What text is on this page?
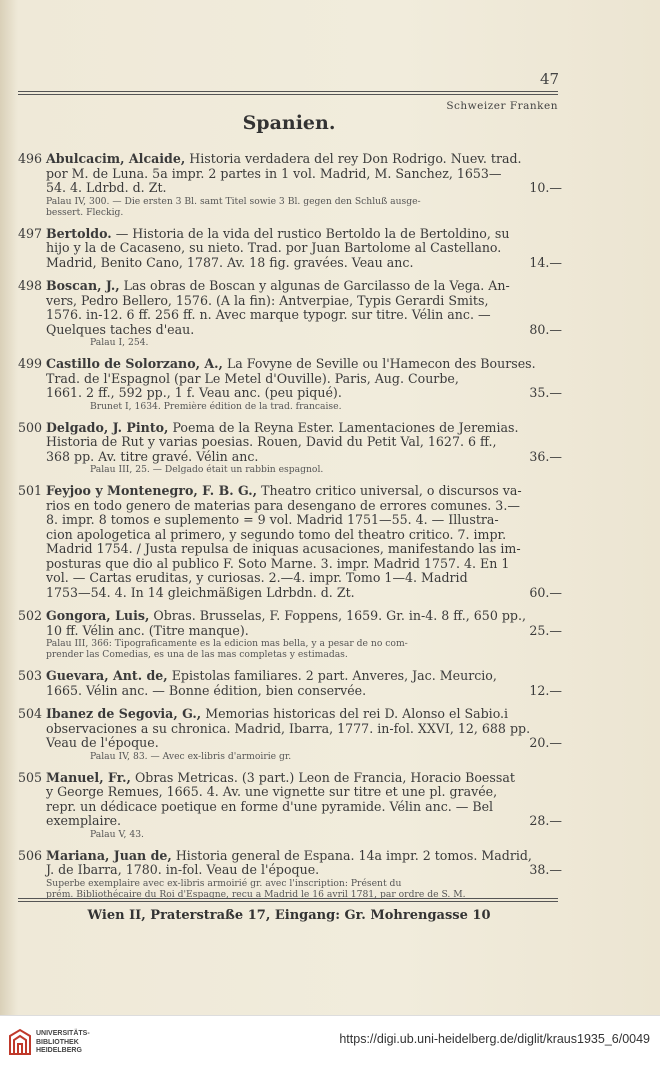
47
Schweizer Franken
Spanien.
496 Abulcacim, Alcaide, Historia verdadera del rey Don Rodrigo. Nuev. trad.
por M. de Luna. 5a impr. 2 partes in 1 vol. Madrid, M. Sanchez, 1653—
54. 4. Ldrbd. d. Zt.	10.—
Palau IV, 300. — Die ersten 3 Bl. samt Titel sowie 3 Bl. gegen den Schluß ausge-
bessert. Fleckig.
497 Bertoldo. — Historia de la vida del rustico Bertoldo la de Bertoldino, su
hijo y la de Cacaseno, su nieto. Trad. por Juan Bartolome al Castellano.
Madrid, Benito Cano, 1787. Av. 18 fig. gravées. Veau anc.	14.—
498 Boscan, J., Las obras de Boscan y algunas de Garcilasso de la Vega. An-
vers, Pedro Bellero, 1576. (A la fin): Antverpiae, Typis Gerardi Smits,
1576. in-12. 6 ff. 256 ff. n. Avec marque typogr. sur titre. Vélin anc. —
Quelques taches d'eau.	80.—
Palau I, 254.
499 Castillo de Solorzano, A., La Fovyne de Seville ou l'Hamecon des Bourses.
Trad. de l'Espagnol (par Le Metel d'Ouville). Paris, Aug. Courbe,
1661. 2 ff., 592 pp., 1 f. Veau anc. (peu piqué).	35.—
Brunet I, 1634. Première édition de la trad. francaise.
500 Delgado, J. Pinto, Poema de la Reyna Ester. Lamentaciones de Jeremias.
Historia de Rut y varias poesias. Rouen, David du Petit Val, 1627. 6 ff.,
368 pp. Av. titre gravé. Vélin anc.	36.—
Palau III, 25. — Delgado était un rabbin espagnol.
501 Feyjoo y Montenegro, F. B. G., Theatro critico universal, o discursos va-
rios en todo genero de materias para desengano de errores comunes. 3.—
8. impr. 8 tomos e suplemento = 9 vol. Madrid 1751—55. 4. — Illustra-
cion apologetica al primero, y segundo tomo del theatro critico. 7. impr.
Madrid 1754. / Justa repulsa de iniquas acusaciones, manifestando las im-
posturas que dio al publico F. Soto Marne. 3. impr. Madrid 1757. 4. En 1
vol. — Cartas eruditas, y curiosas. 2.—4. impr. Tomo 1—4. Madrid
1753—54. 4. In 14 gleichmäßigen Ldrbdn. d. Zt.	60.—
502 Gongora, Luis, Obras. Brusselas, F. Foppens, 1659. Gr. in-4. 8 ff., 650 pp.,
10 ff. Vélin anc. (Titre manque).	25.—
Palau III, 366: Tipograficamente es la edicion mas bella, y a pesar de no com-
prender las Comedias, es una de las mas completas y estimadas.
503 Guevara, Ant. de, Epistolas familiares. 2 part. Anveres, Jac. Meurcio,
1665. Vélin anc. — Bonne édition, bien conservée.	12.—
504 Ibanez de Segovia, G., Memorias historicas del rei D. Alonso el Sabio.i
observaciones a su chronica. Madrid, Ibarra, 1777. in-fol. XXVI, 12, 688 pp.
Veau de l'époque.	20.—
Palau IV, 83. — Avec ex-libris d'armoirie gr.
505 Manuel, Fr., Obras Metricas. (3 part.) Leon de Francia, Horacio Boessat
y George Remues, 1665. 4. Av. une vignette sur titre et une pl. gravée,
repr. un dédicace poetique en forme d'une pyramide. Vélin anc. — Bel
exemplaire.	28.—
Palau V, 43.
506 Mariana, Juan de, Historia general de Espana. 14a impr. 2 tomos. Madrid,
J. de Ibarra, 1780. in-fol. Veau de l'époque.	38.—
Superbe exemplaire avec ex-libris armoirié gr. avec l'inscription: Présent du
prém. Bibliothécaire du Roi d'Espagne, recu a Madrid le 16 avril 1781, par ordre de S. M.
Wien II, Praterstraße 17, Eingang: Gr. Mohrengasse 10
UNIVERSITÄTS-
BIBLIOTHEK
HEIDELBERG
https://digi.ub.uni-heidelberg.de/diglit/kraus1935_6/0049
